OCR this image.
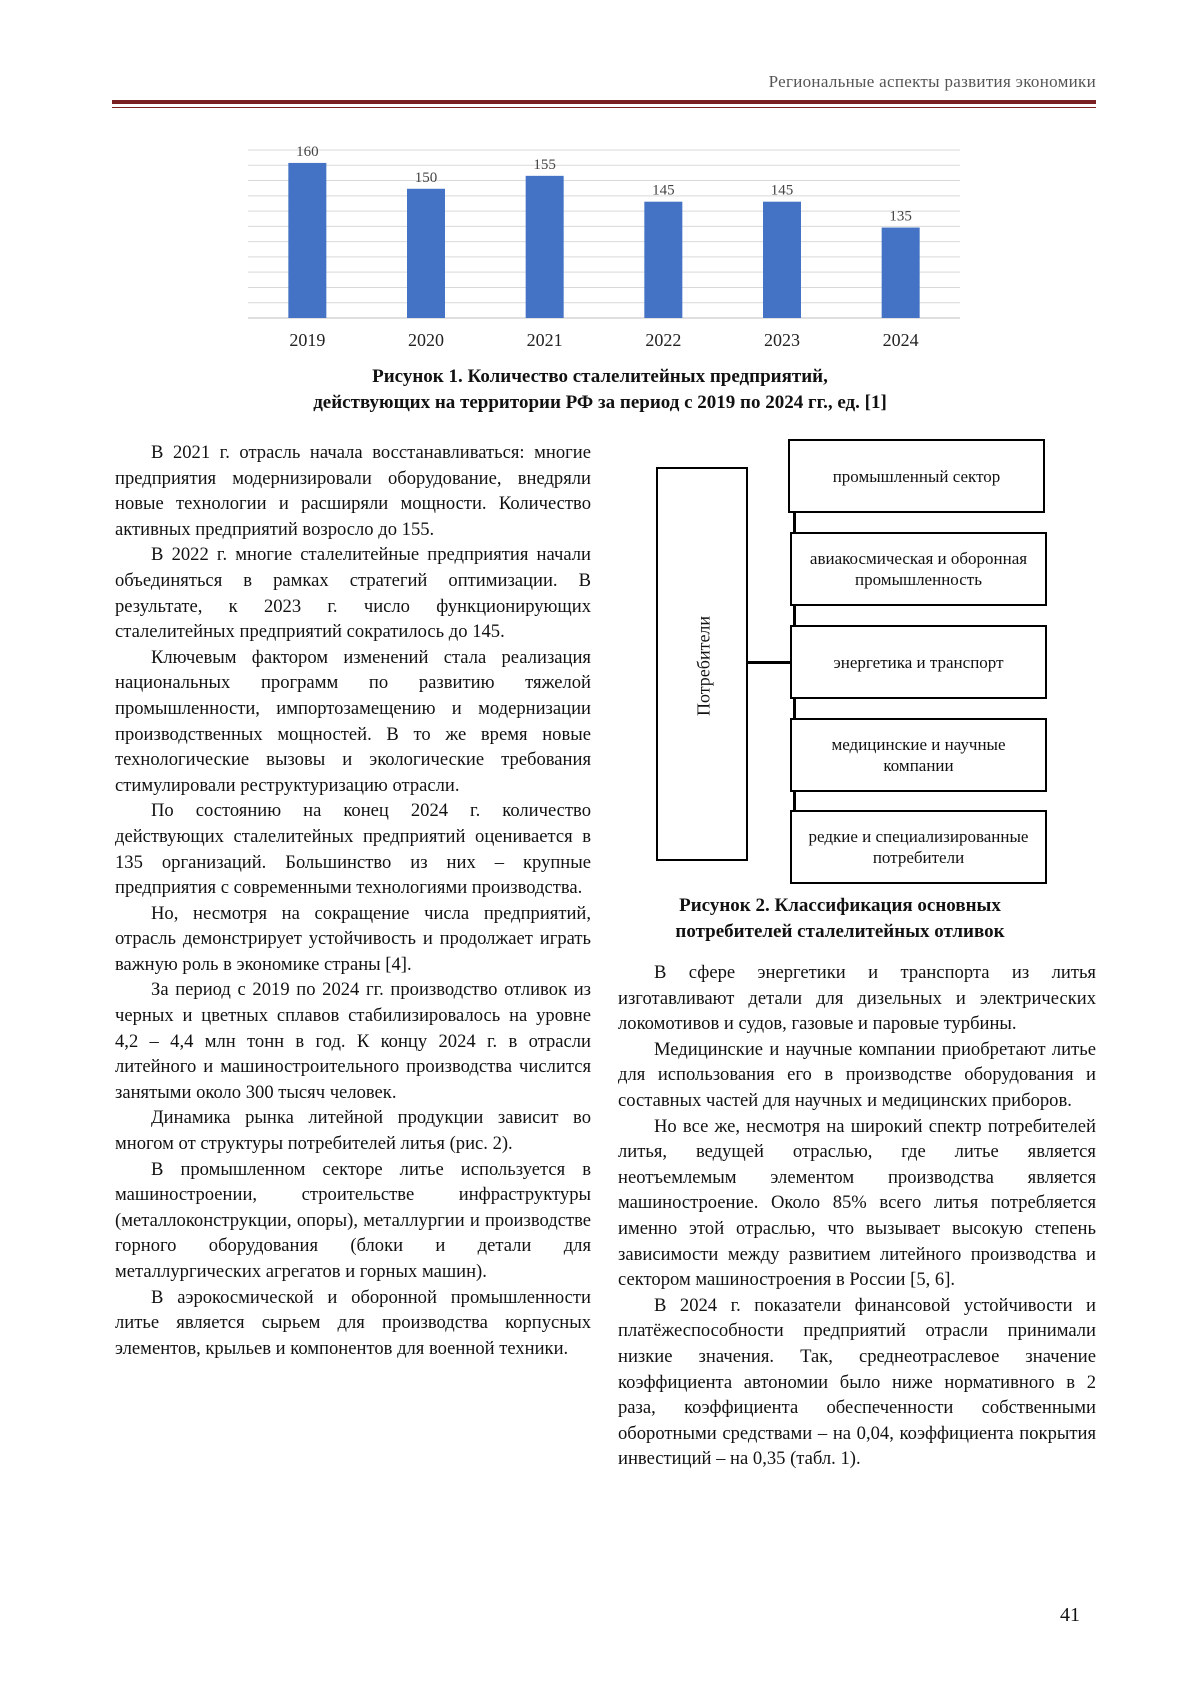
Региональные аспекты развития экономики
160
150
155
145	145
135
2019	2020	2021	2022	2023	2024
Рисунок 1. Количество сталелитейных предприятий,
действующих на территории РФ за период с 2019 по 2024 гг., ед. [1]

В 2021 г. отрасль начала восстанавливаться: многие предприятия модернизировали оборудование, внедряли новые технологии и расширяли мощности. Количество активных предприятий возросло до 155.

В 2022 г. многие сталелитейные предприятия начали объединяться в рамках стратегий оптимизации. В результате, к 2023 г. число функционирующих сталелитейных предприятий сократилось до 145.

Ключевым фактором изменений стала реализация национальных программ по развитию тяжелой промышленности, импортозамещению и модернизации производственных мощностей. В то же время новые технологические вызовы и экологические требования стимулировали реструктуризацию отрасли.

По состоянию на конец 2024 г. количество действующих сталелитейных предприятий оценивается в 135 организаций. Большинство из них – крупные предприятия с современными технологиями производства.

Но, несмотря на сокращение числа предприятий, отрасль демонстрирует устойчивость и продолжает играть важную роль в экономике страны [4].

За период с 2019 по 2024 гг. производство отливок из черных и цветных сплавов стабилизировалось на уровне 4,2 – 4,4 млн тонн в год. К концу 2024 г. в отрасли литейного и машиностроительного производства числится занятыми около 300 тысяч человек.

Динамика рынка литейной продукции зависит во многом от структуры потребителей литья (рис. 2).

В промышленном секторе литье используется в машиностроении, строительстве инфраструктуры (металлоконструкции, опоры), металлургии и производстве горного оборудования (блоки и детали для металлургических агрегатов и горных машин).

В аэрокосмической и оборонной промышленности литье является сырьем для производства корпусных элементов, крыльев и компонентов для военной техники.

Потребители
промышленный сектор
авиакосмическая и оборонная
промышленность
энергетика и транспорт
медицинские и научные
компании
редкие и специализированные
потребители
Рисунок 2. Классификация основных
потребителей сталелитейных отливок

В сфере энергетики и транспорта из литья изготавливают детали для дизельных и электрических локомотивов и судов, газовые и паровые турбины.

Медицинские и научные компании приобретают литье для использования его в производстве оборудования и составных частей для научных и медицинских приборов.

Но все же, несмотря на широкий спектр потребителей литья, ведущей отраслью, где литье является неотъемлемым элементом производства является машиностроение. Около 85% всего литья потребляется именно этой отраслью, что вызывает высокую степень зависимости между развитием литейного производства и сектором машиностроения в России [5, 6].

В 2024 г. показатели финансовой устойчивости и платёжеспособности предприятий отрасли принимали низкие значения. Так, среднеотраслевое значение коэффициента автономии было ниже нормативного в 2 раза, коэффициента обеспеченности собственными оборотными средствами – на 0,04, коэффициента покрытия инвестиций – на 0,35 (табл. 1).

41
